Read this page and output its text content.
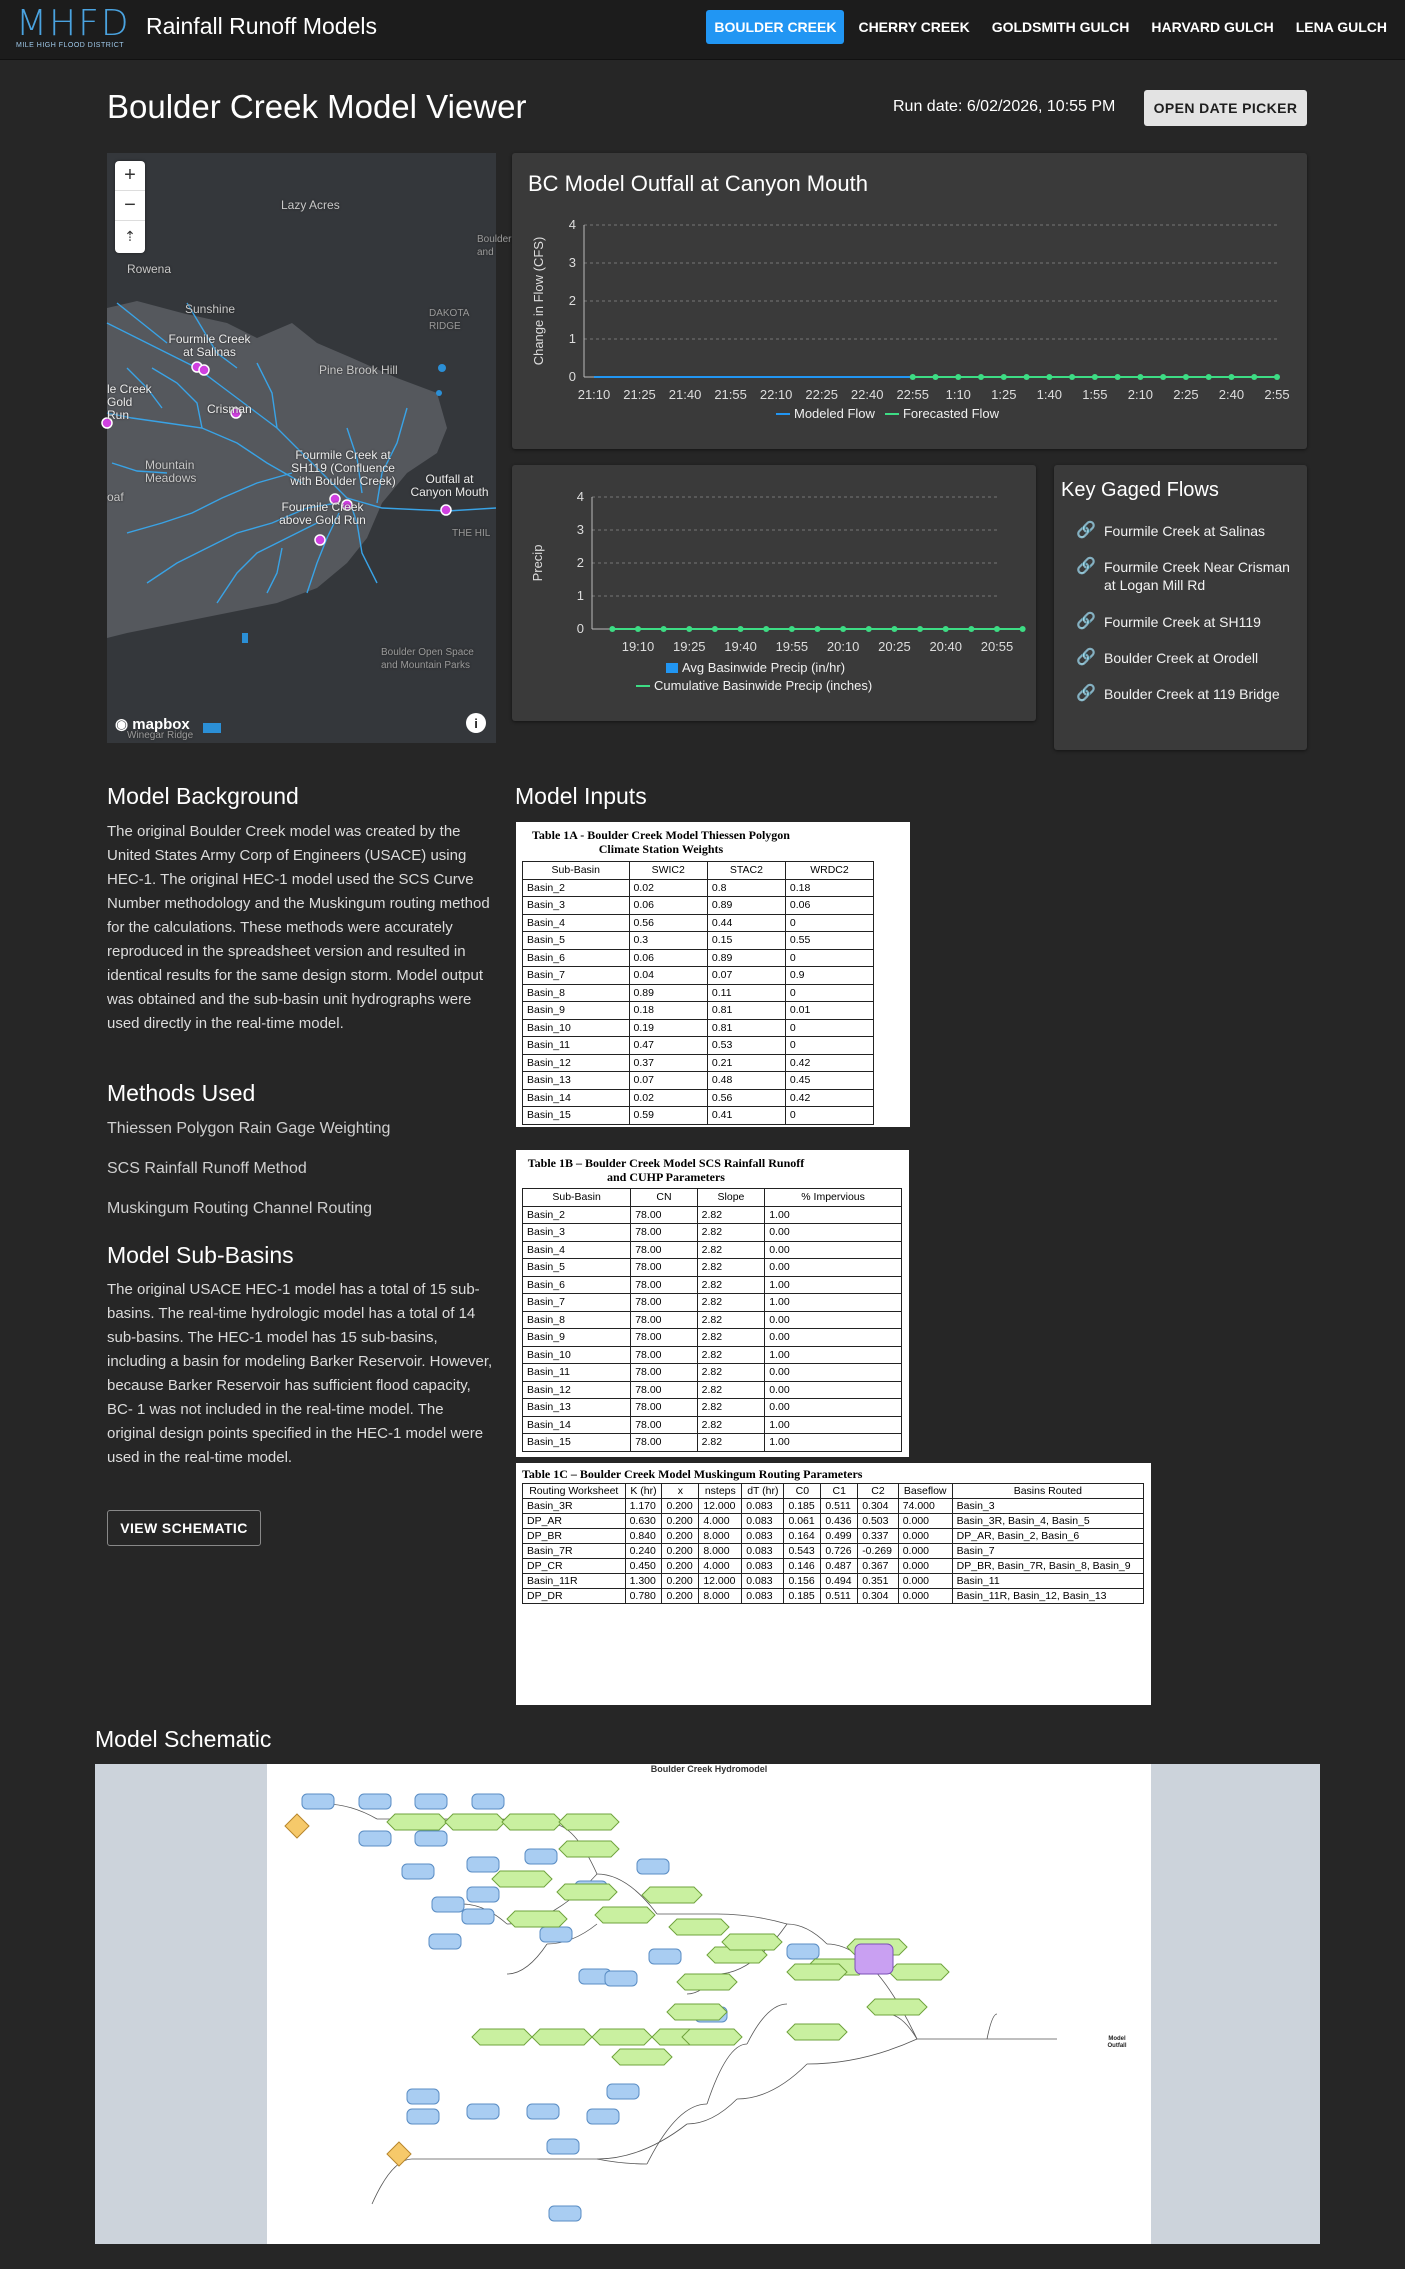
MHFD
MILE HIGH FLOOD DISTRICT
Rainfall Runoff Models	BOULDER CREEK	CHERRY CREEK	GOLDSMITH GULCH	HARVARD GULCH	LENA GULCH
Boulder Creek Model Viewer	Run date: 6/02/2026, 10:55 PM	OPEN DATE PICKER
+
−
⇡
Lazy Acres
Rowena
Sunshine	DAKOTA RIDGE
Boulder and
Fourmile Creek at Salinas
Pine Brook Hill
le Creek Gold Run	Crisman
Fourmile Creek at SH119 (Confluence with Boulder Creek)	Outfall at Canyon Mouth
Mountain Meadows
oaf
Fourmile Creek above Gold Run
THE HIL
Boulder Open Space and Mountain Parks
Winegar Ridge
◉ mapbox	i
BC Model Outfall at Canyon Mouth
0
1
2
3
4
21:10 21:25 21:40 21:55 22:10 22:25 22:40 22:55 1:10 1:25 1:40 1:55 2:10 2:25 2:40 2:55
Change in Flow (CFS)
Modeled Flow Forecasted Flow
0
1
2
3
4
Precip
19:10 19:25 19:40 19:55 20:10 20:25 20:40 20:55
Avg Basinwide Precip (in/hr)
Cumulative Basinwide Precip (inches)
Key Gaged Flows
🔗 Fourmile Creek at Salinas
🔗 Fourmile Creek Near Crisman at Logan Mill Rd
🔗 Fourmile Creek at SH119
🔗 Boulder Creek at Orodell
🔗 Boulder Creek at 119 Bridge
Model Background
The original Boulder Creek model was created by the United States Army Corp of Engineers (USACE) using HEC-1. The original HEC-1 model used the SCS Curve Number methodology and the Muskingum routing method for the calculations. These methods were accurately reproduced in the spreadsheet version and resulted in identical results for the same design storm. Model output was obtained and the sub-basin unit hydrographs were used directly in the real-time model.
Methods Used
Thiessen Polygon Rain Gage Weighting
SCS Rainfall Runoff Method
Muskingum Routing Channel Routing
Model Sub-Basins
The original USACE HEC-1 model has a total of 15 sub-basins. The real-time hydrologic model has a total of 14 sub-basins. The HEC-1 model has 15 sub-basins, including a basin for modeling Barker Reservoir. However, because Barker Reservoir has sufficient flood capacity, BC- 1 was not included in the real-time model. The original design points specified in the HEC-1 model were used in the real-time model.
VIEW SCHEMATIC
Model Inputs
Table 1A - Boulder Creek Model Thiessen Polygon Climate Station Weights
Sub-Basin	SWIC2	STAC2	WRDC2
Basin_2	0.02	0.8	0.18
Basin_3	0.06	0.89	0.06
Basin_4	0.56	0.44	0
Basin_5	0.3	0.15	0.55
Basin_6	0.06	0.89	0
Basin_7	0.04	0.07	0.9
Basin_8	0.89	0.11	0
Basin_9	0.18	0.81	0.01
Basin_10	0.19	0.81	0
Basin_11	0.47	0.53	0
Basin_12	0.37	0.21	0.42
Basin_13	0.07	0.48	0.45
Basin_14	0.02	0.56	0.42
Basin_15	0.59	0.41	0
Table 1B – Boulder Creek Model SCS Rainfall Runoff and CUHP Parameters
Sub-Basin	CN	Slope	% Impervious
Basin_2	78.00	2.82	1.00
Basin_3	78.00	2.82	0.00
Basin_4	78.00	2.82	0.00
Basin_5	78.00	2.82	0.00
Basin_6	78.00	2.82	1.00
Basin_7	78.00	2.82	1.00
Basin_8	78.00	2.82	0.00
Basin_9	78.00	2.82	0.00
Basin_10	78.00	2.82	1.00
Basin_11	78.00	2.82	0.00
Basin_12	78.00	2.82	0.00
Basin_13	78.00	2.82	0.00
Basin_14	78.00	2.82	1.00
Basin_15	78.00	2.82	1.00
Table 1C – Boulder Creek Model Muskingum Routing Parameters
Routing Worksheet	K (hr)	x	nsteps	dT (hr)	C0	C1	C2	Baseflow	Basins Routed
Basin_3R	1.170	0.200	12.000	0.083	0.185	0.511	0.304	74.000	Basin_3
DP_AR	0.630	0.200	4.000	0.083	0.061	0.436	0.503	0.000	Basin_3R, Basin_4, Basin_5
DP_BR	0.840	0.200	8.000	0.083	0.164	0.499	0.337	0.000	DP_AR, Basin_2, Basin_6
Basin_7R	0.240	0.200	8.000	0.083	0.543	0.726	-0.269	0.000	Basin_7
DP_CR	0.450	0.200	4.000	0.083	0.146	0.487	0.367	0.000	DP_BR, Basin_7R, Basin_8, Basin_9
Basin_11R	1.300	0.200	12.000	0.083	0.156	0.494	0.351	0.000	Basin_11
DP_DR	0.780	0.200	8.000	0.083	0.185	0.511	0.304	0.000	Basin_11R, Basin_12, Basin_13
Model Schematic
Boulder Creek Hydromodel
Model Outfall
